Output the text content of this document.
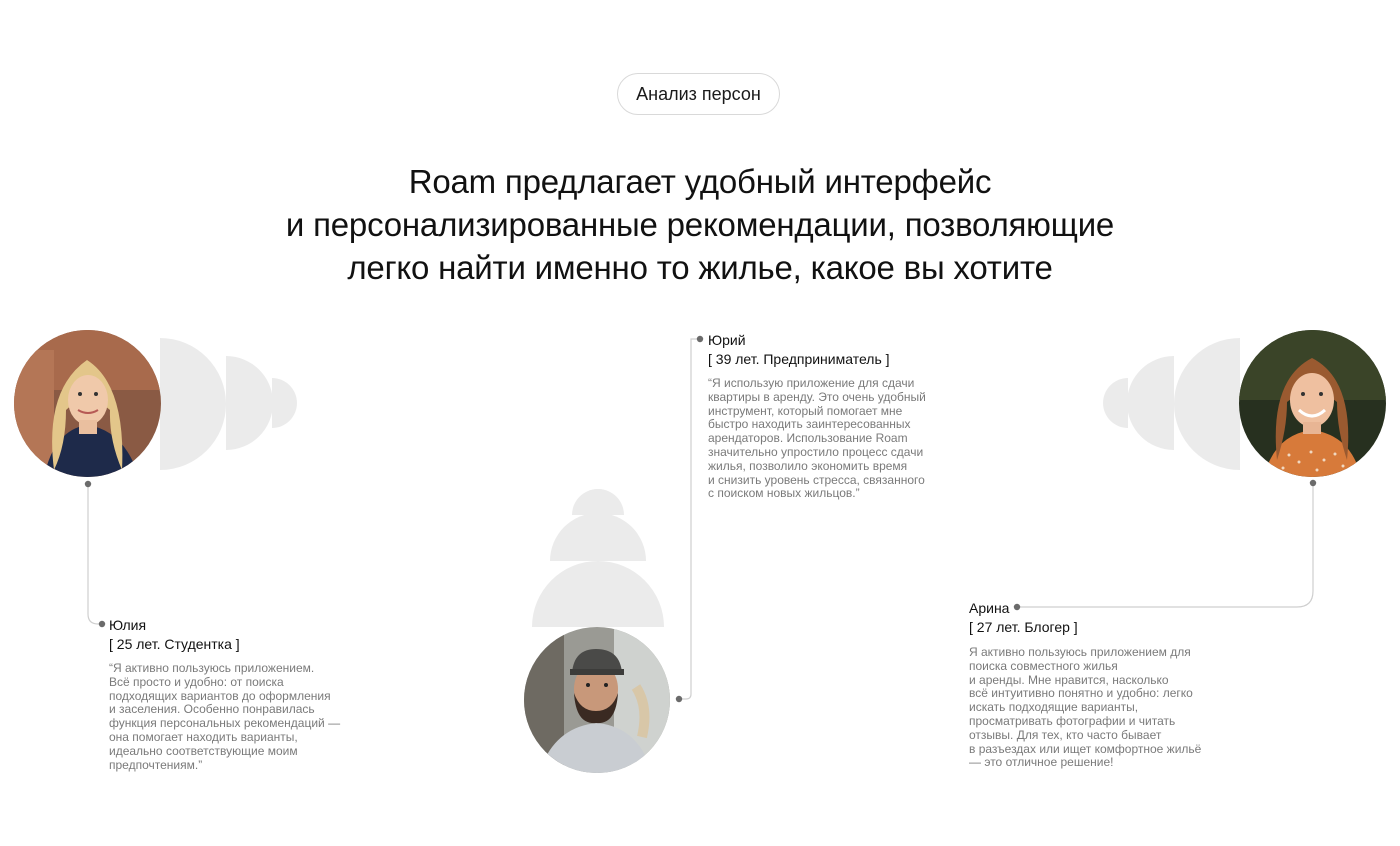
Анализ персон
Roam предлагает удобный интерфейс
и персонализированные рекомендации, позволяющие
легко найти именно то жилье, какое вы хотите
Юлия
[ 25 лет. Студентка ]
“Я активно пользуюсь приложением.
Всё просто и удобно: от поиска
подходящих вариантов до оформления
и заселения. Особенно понравилась
функция персональных рекомендаций —
она помогает находить варианты,
идеально соответствующие моим
предпочтениям.”
Юрий
[ 39 лет. Предприниматель ]
“Я использую приложение для сдачи
квартиры в аренду. Это очень удобный
инструмент, который помогает мне
быстро находить заинтересованных
арендаторов. Использование Roam
значительно упростило процесс сдачи
жилья, позволило экономить время
и снизить уровень стресса, связанного
с поиском новых жильцов.”
Арина
[ 27 лет. Блогер ]
Я активно пользуюсь приложением для
поиска совместного жилья
и аренды. Мне нравится, насколько
всё интуитивно понятно и удобно: легко
искать подходящие варианты,
просматривать фотографии и читать
отзывы. Для тех, кто часто бывает
в разъездах или ищет комфортное жильё
— это отличное решение!
